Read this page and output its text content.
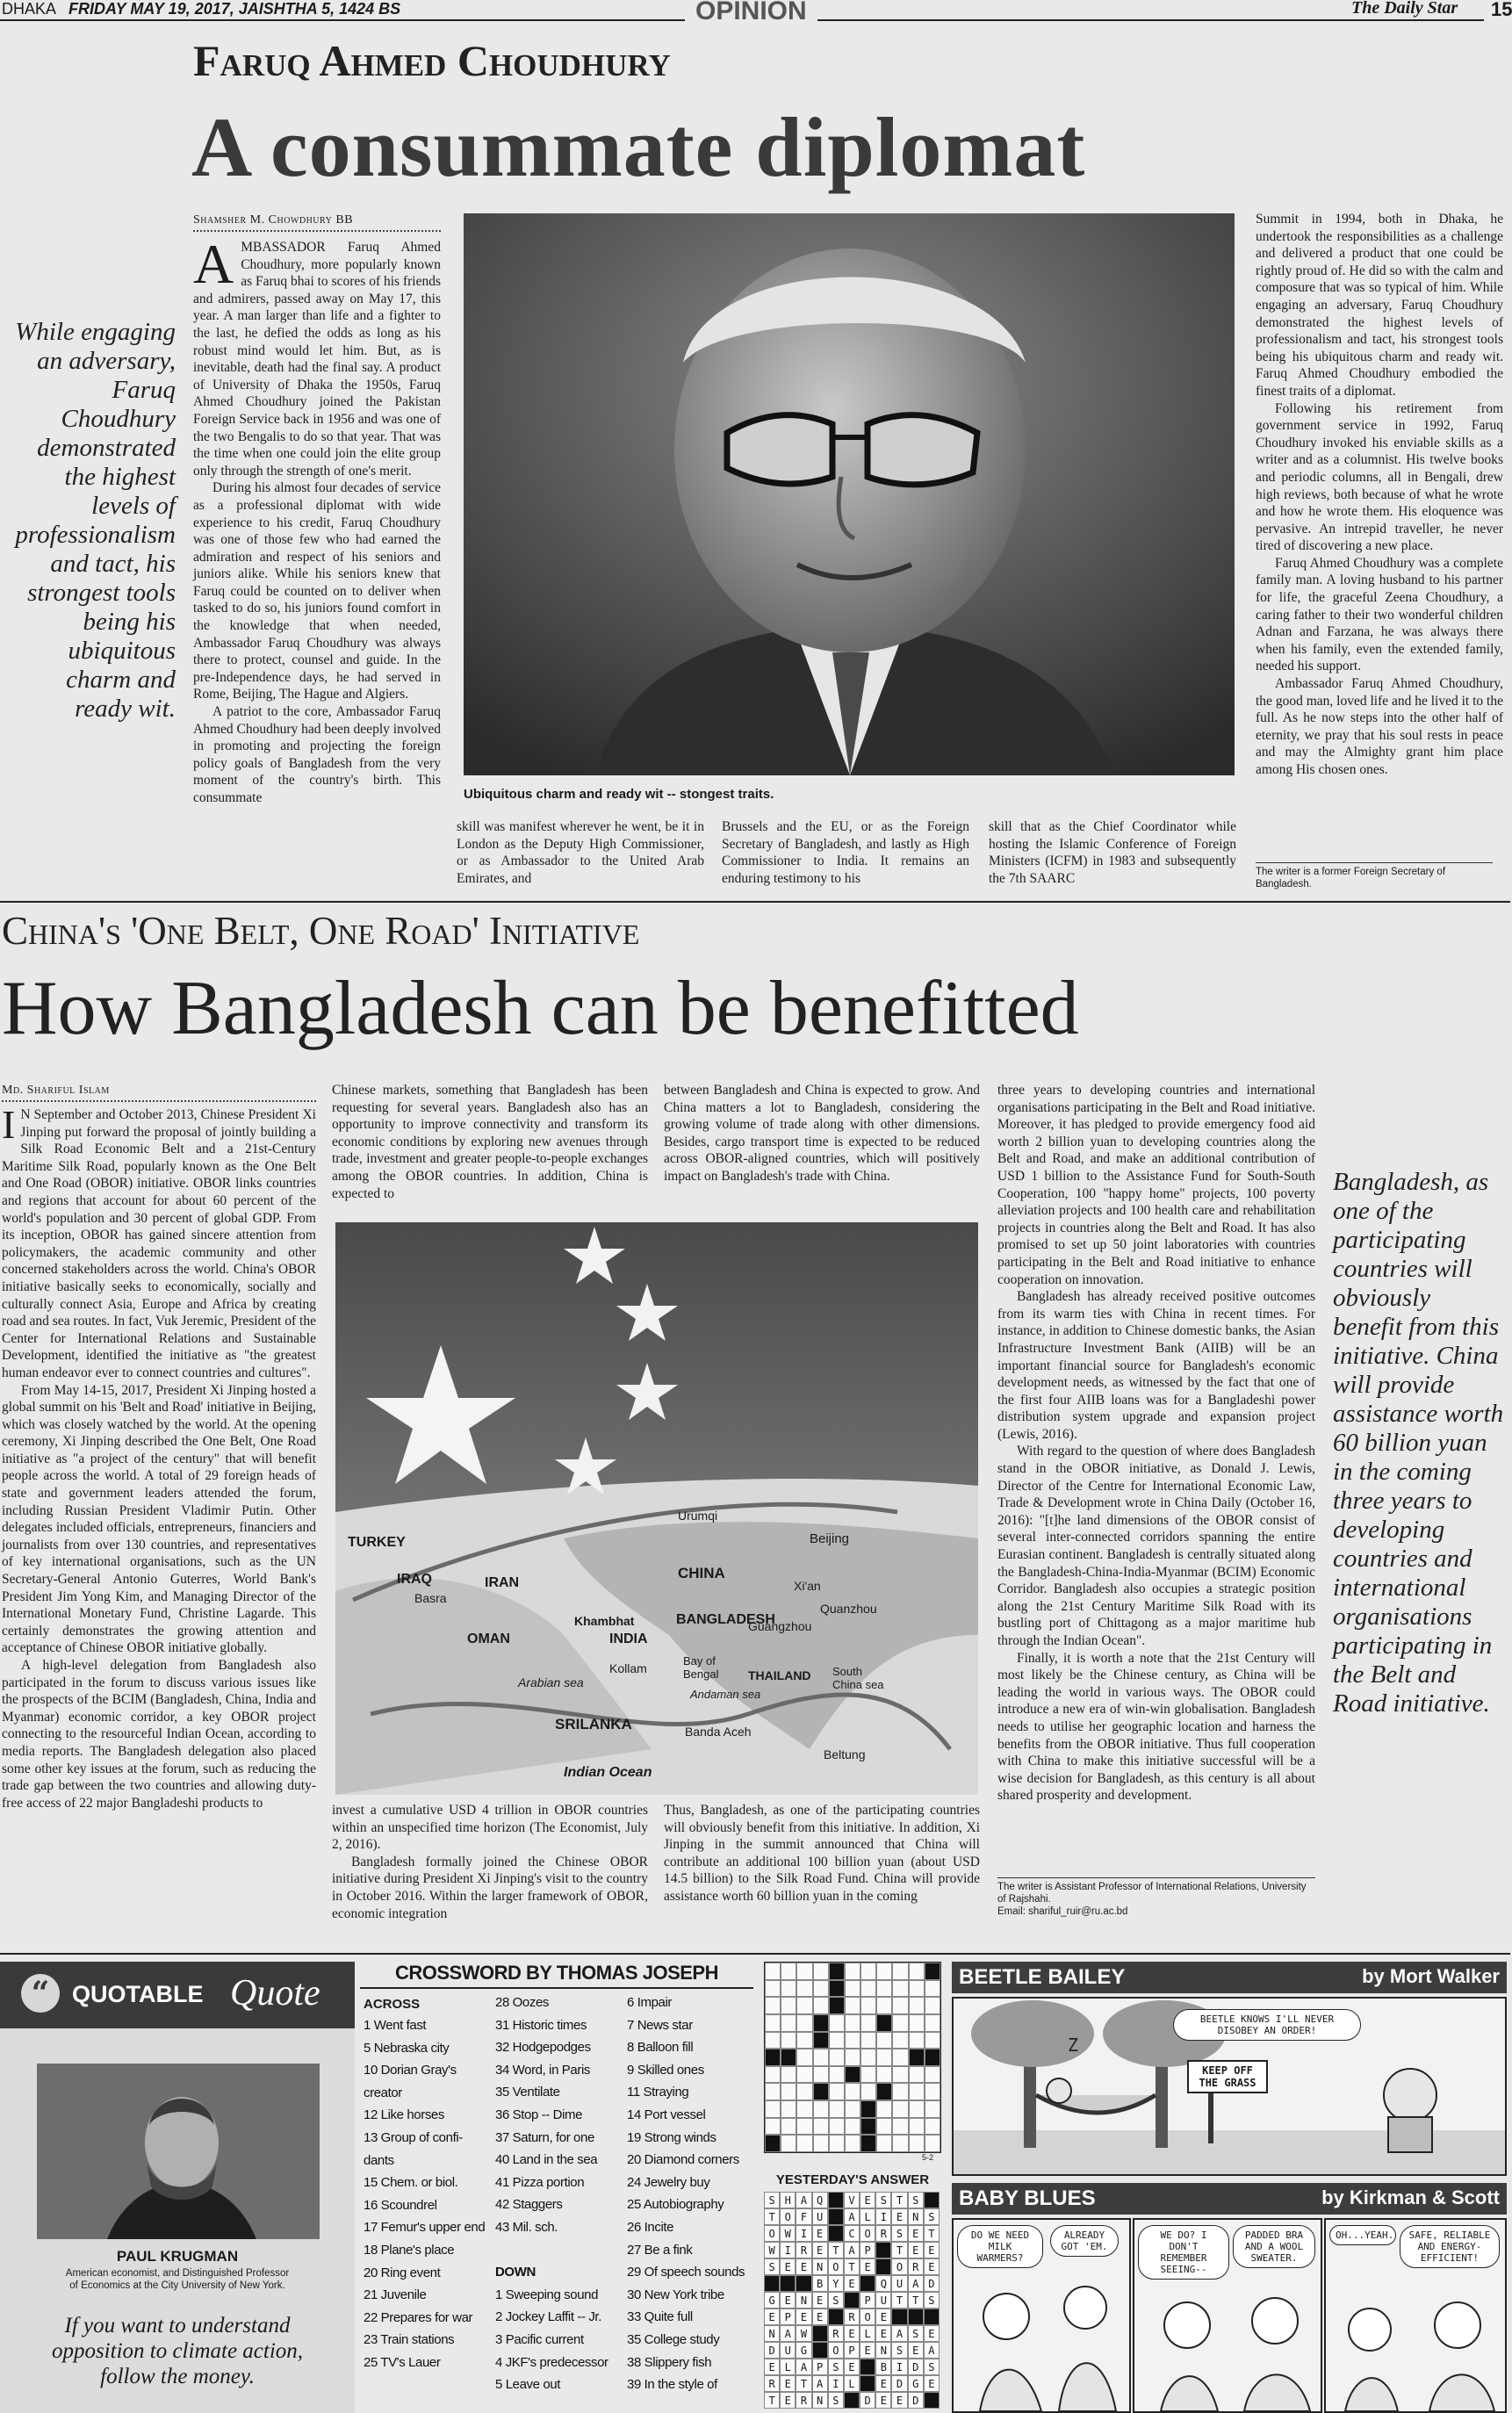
DHAKA FRIDAY MAY 19, 2017, JAISHTHA 5, 1424 BS	OPINION	The Daily Star	15
Faruq Ahmed Choudhury
A consummate diplomat
Shamsher M. Chowdhury BB
While engaging an adversary, Faruq Choudhury demonstrated the highest levels of professionalism and tact, his strongest tools being his ubiquitous charm and ready wit.

AMBASSADOR Faruq Ahmed Choudhury, more popularly known as Faruq bhai to scores of his friends and admirers, passed away on May 17, this year. A man larger than life and a fighter to the last, he defied the odds as long as his robust mind would let him. But, as is inevitable, death had the final say. A product of University of Dhaka the 1950s, Faruq Ahmed Choudhury joined the Pakistan Foreign Service back in 1956 and was one of the two Bengalis to do so that year. That was the time when one could join the elite group only through the strength of one's merit.

During his almost four decades of service as a professional diplomat with wide experience to his credit, Faruq Choudhury was one of those few who had earned the admiration and respect of his seniors and juniors alike. While his seniors knew that Faruq could be counted on to deliver when tasked to do so, his juniors found comfort in the knowledge that when needed, Ambassador Faruq Choudhury was always there to protect, counsel and guide. In the pre-Independence days, he had served in Rome, Beijing, The Hague and Algiers.

A patriot to the core, Ambassador Faruq Ahmed Choudhury had been deeply involved in promoting and projecting the foreign policy goals of Bangladesh from the very moment of the country's birth. This consummate	Ubiquitous charm and ready wit -- stongest traits.
skill was manifest wherever he went, be it in London as the Deputy High Commissioner, or as Ambassador to the United Arab Emirates, and
Brussels and the EU, or as the Foreign Secretary of Bangladesh, and lastly as High Commissioner to India. It remains an enduring testimony to his
skill that as the Chief Coordinator while hosting the Islamic Conference of Foreign Ministers (ICFM) in 1983 and subsequently the 7th SAARC

Summit in 1994, both in Dhaka, he undertook the responsibilities as a challenge and delivered a product that one could be rightly proud of. He did so with the calm and composure that was so typical of him. While engaging an adversary, Faruq Choudhury demonstrated the highest levels of professionalism and tact, his strongest tools being his ubiquitous charm and ready wit. Faruq Ahmed Choudhury embodied the finest traits of a diplomat.

Following his retirement from government service in 1992, Faruq Choudhury invoked his enviable skills as a writer and as a columnist. His twelve books and periodic columns, all in Bengali, drew high reviews, both because of what he wrote and how he wrote them. His eloquence was pervasive. An intrepid traveller, he never tired of discovering a new place.

Faruq Ahmed Choudhury was a complete family man. A loving husband to his partner for life, the graceful Zeena Choudhury, a caring father to their two wonderful children Adnan and Farzana, he was always there when his family, even the extended family, needed his support.

Ambassador Faruq Ahmed Choudhury, the good man, loved life and he lived it to the full. As he now steps into the other half of eternity, we pray that his soul rests in peace and may the Almighty grant him place among His chosen ones.

The writer is a former Foreign Secretary of Bangladesh.
China's 'One Belt, One Road' Initiative
How Bangladesh can be benefitted
Md. Shariful Islam

I N September and October 2013, Chinese President Xi Jinping put forward the proposal of jointly building a Silk Road Economic Belt and a 21st-Century Maritime Silk Road, popularly known as the One Belt and One Road (OBOR) initiative. OBOR links countries and regions that account for about 60 percent of the world's population and 30 percent of global GDP. From its inception, OBOR has gained sincere attention from policymakers, the academic community and other concerned stakeholders across the world. China's OBOR initiative basically seeks to economically, socially and culturally connect Asia, Europe and Africa by creating road and sea routes. In fact, Vuk Jeremic, President of the Center for International Relations and Sustainable Development, identified the initiative as "the greatest human endeavor ever to connect countries and cultures".

From May 14-15, 2017, President Xi Jinping hosted a global summit on his 'Belt and Road' initiative in Beijing, which was closely watched by the world. At the opening ceremony, Xi Jinping described the One Belt, One Road initiative as "a project of the century" that will benefit people across the world. A total of 29 foreign heads of state and government leaders attended the forum, including Russian President Vladimir Putin. Other delegates included officials, entrepreneurs, financiers and journalists from over 130 countries, and representatives of key international organisations, such as the UN Secretary-General Antonio Guterres, World Bank's President Jim Yong Kim, and Managing Director of the International Monetary Fund, Christine Lagarde. This certainly demonstrates the growing attention and acceptance of Chinese OBOR initiative globally.

A high-level delegation from Bangladesh also participated in the forum to discuss various issues like the prospects of the BCIM (Bangladesh, China, India and Myanmar) economic corridor, a key OBOR project connecting to the resourceful Indian Ocean, according to media reports. The Bangladesh delegation also placed some other key issues at the forum, such as reducing the trade gap between the two countries and allowing duty-free access of 22 major Bangladeshi products to

Chinese markets, something that Bangladesh has been requesting for several years. Bangladesh also has an opportunity to improve connectivity and transform its economic conditions by exploring new avenues through trade, investment and greater people-to-people exchanges among the OBOR countries. In addition, China is expected to
between Bangladesh and China is expected to grow. And China matters a lot to Bangladesh, considering the growing volume of trade along with other dimensions. Besides, cargo transport time is expected to be reduced across OBOR-aligned countries, which will positively impact on Bangladesh's trade with China.
TURKEY
IRAQ
Basra
IRAN
OMAN
Urumqi
CHINA
Beijing
Xi'an
Khambhat
INDIA
BANGLADESH
Quanzhou
Guangzhou
Kollam
Bay of Bengal	THAILAND South China sea
Arabian sea
Andaman sea
SRILANKA	Banda Aceh
Beltung
Indian Ocean

invest a cumulative USD 4 trillion in OBOR countries within an unspecified time horizon (The Economist, July 2, 2016).

Bangladesh formally joined the Chinese OBOR initiative during President Xi Jinping's visit to the country in October 2016. Within the larger framework of OBOR, economic integration

Thus, Bangladesh, as one of the participating countries will obviously benefit from this initiative. In addition, Xi Jinping in the summit announced that China will contribute an additional 100 billion yuan (about USD 14.5 billion) to the Silk Road Fund. China will provide assistance worth 60 billion yuan in the coming

three years to developing countries and international organisations participating in the Belt and Road initiative. Moreover, it has pledged to provide emergency food aid worth 2 billion yuan to developing countries along the Belt and Road, and make an additional contribution of USD 1 billion to the Assistance Fund for South-South Cooperation, 100 "happy home" projects, 100 poverty alleviation projects and 100 health care and rehabilitation projects in countries along the Belt and Road. It has also promised to set up 50 joint laboratories with countries participating in the Belt and Road initiative to enhance cooperation on innovation.

Bangladesh has already received positive outcomes from its warm ties with China in recent times. For instance, in addition to Chinese domestic banks, the Asian Infrastructure Investment Bank (AIIB) will be an important financial source for Bangladesh's economic development needs, as witnessed by the fact that one of the first four AIIB loans was for a Bangladeshi power distribution system upgrade and expansion project (Lewis, 2016).

With regard to the question of where does Bangladesh stand in the OBOR initiative, as Donald J. Lewis, Director of the Centre for International Economic Law, Trade & Development wrote in China Daily (October 16, 2016): "[t]he land dimensions of the OBOR consist of several inter-connected corridors spanning the entire Eurasian continent. Bangladesh is centrally situated along the Bangladesh-China-India-Myanmar (BCIM) Economic Corridor. Bangladesh also occupies a strategic position along the 21st Century Maritime Silk Road with its bustling port of Chittagong as a major maritime hub through the Indian Ocean".

Finally, it is worth a note that the 21st Century will most likely be the Chinese century, as China will be leading the world in various ways. The OBOR could introduce a new era of win-win globalisation. Bangladesh needs to utilise her geographic location and harness the benefits from the OBOR initiative. Thus full cooperation with China to make this initiative successful will be a wise decision for Bangladesh, as this century is all about shared prosperity and development.

The writer is Assistant Professor of International Relations, University of Rajshahi.
Email: shariful_ruir@ru.ac.bd
Bangladesh, as one of the participating countries will obviously benefit from this initiative. China will provide assistance worth 60 billion yuan in the coming three years to developing countries and international organisations participating in the Belt and Road initiative.
“ QUOTABLE Quote
PAUL KRUGMAN
American economist, and Distinguished Professor of Economics at the City University of New York.
If you want to understand opposition to climate action, follow the money.
CROSSWORD BY THOMAS JOSEPH
ACROSS
1 Went fast
5 Nebraska city
10 Dorian Gray's
creator
12 Like horses
13 Group of confi-
dants
15 Chem. or biol.
16 Scoundrel
17 Femur's upper end
18 Plane's place
20 Ring event
21 Juvenile
22 Prepares for war
23 Train stations
25 TV's Lauer
28 Oozes
31 Historic times
32 Hodgepodges
34 Word, in Paris
35 Ventilate
36 Stop -- Dime
37 Saturn, for one
40 Land in the sea
41 Pizza portion
42 Staggers
43 Mil. sch.
DOWN
1 Sweeping sound
2 Jockey Laffit -- Jr.
3 Pacific current
4 JKF's predecessor
5 Leave out
6 Impair
7 News star
8 Balloon fill
9 Skilled ones
11 Straying
14 Port vessel
19 Strong winds
20 Diamond corners
24 Jewelry buy
25 Autobiography
26 Incite
27 Be a fink
29 Of speech sounds
30 New York tribe
33 Quite full
35 College study
38 Slippery fish
39 In the style of
5-2
YESTERDAY'S ANSWER
S H A Q	V E S T S
T O F U	A L I E N S
O W I E	C O R S E T
W I R E T A P	T E E
S E E N O T E	O R E
B Y E	Q U A D
G E N E S	P U T T S
E P E E	R O E
N A W	R E L E A S E
D U G	O P E N S E A
E L A P S E	B I D S
R E T A I L	E D G E
T E R N S	D E E D
BEETLE BAILEY	by Mort Walker
Z
BEETLE KNOWS I'LL NEVER DISOBEY AN ORDER!
KEEP OFF THE GRASS
BABY BLUES	by Kirkman & Scott
DO WE NEED MILK WARMERS?
ALREADY GOT 'EM.
WE DO? I DON'T REMEMBER SEEING--
PADDED BRA AND A WOOL SWEATER.
OH...YEAH.	SAFE, RELIABLE AND ENERGY-EFFICIENT!
